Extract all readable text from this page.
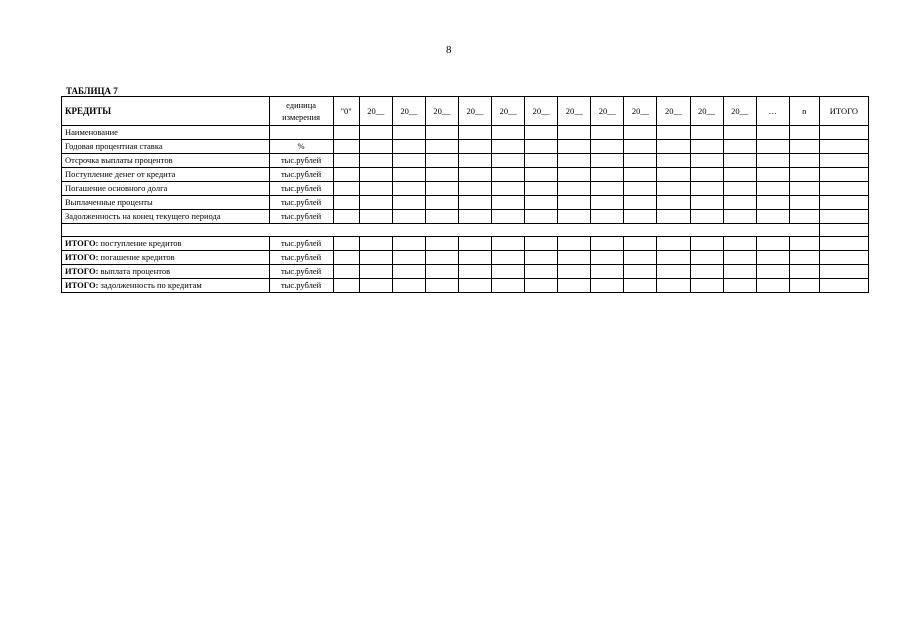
8
ТАБЛИЦА 7
КРЕДИТЫ	единица измерения	"0"	20__	20__	20__	20__	20__	20__	20__	20__	20__	20__	20__	20__	…	n	ИТОГО
Наименование																	
Годовая процентная ставка	%																
Отсрочка выплаты процентов	тыс.рублей																
Поступление денег от кредита	тыс.рублей																
Погашение основного долга	тыс.рублей																
Выплаченные проценты	тыс.рублей																
Задолженность на конец текущего периода	тыс.рублей																

ИТОГО: поступление кредитов	тыс.рублей																
ИТОГО: погашение кредитов	тыс.рублей																
ИТОГО: выплата процентов	тыс.рублей																
ИТОГО: задолженность по кредитам	тыс.рублей																
